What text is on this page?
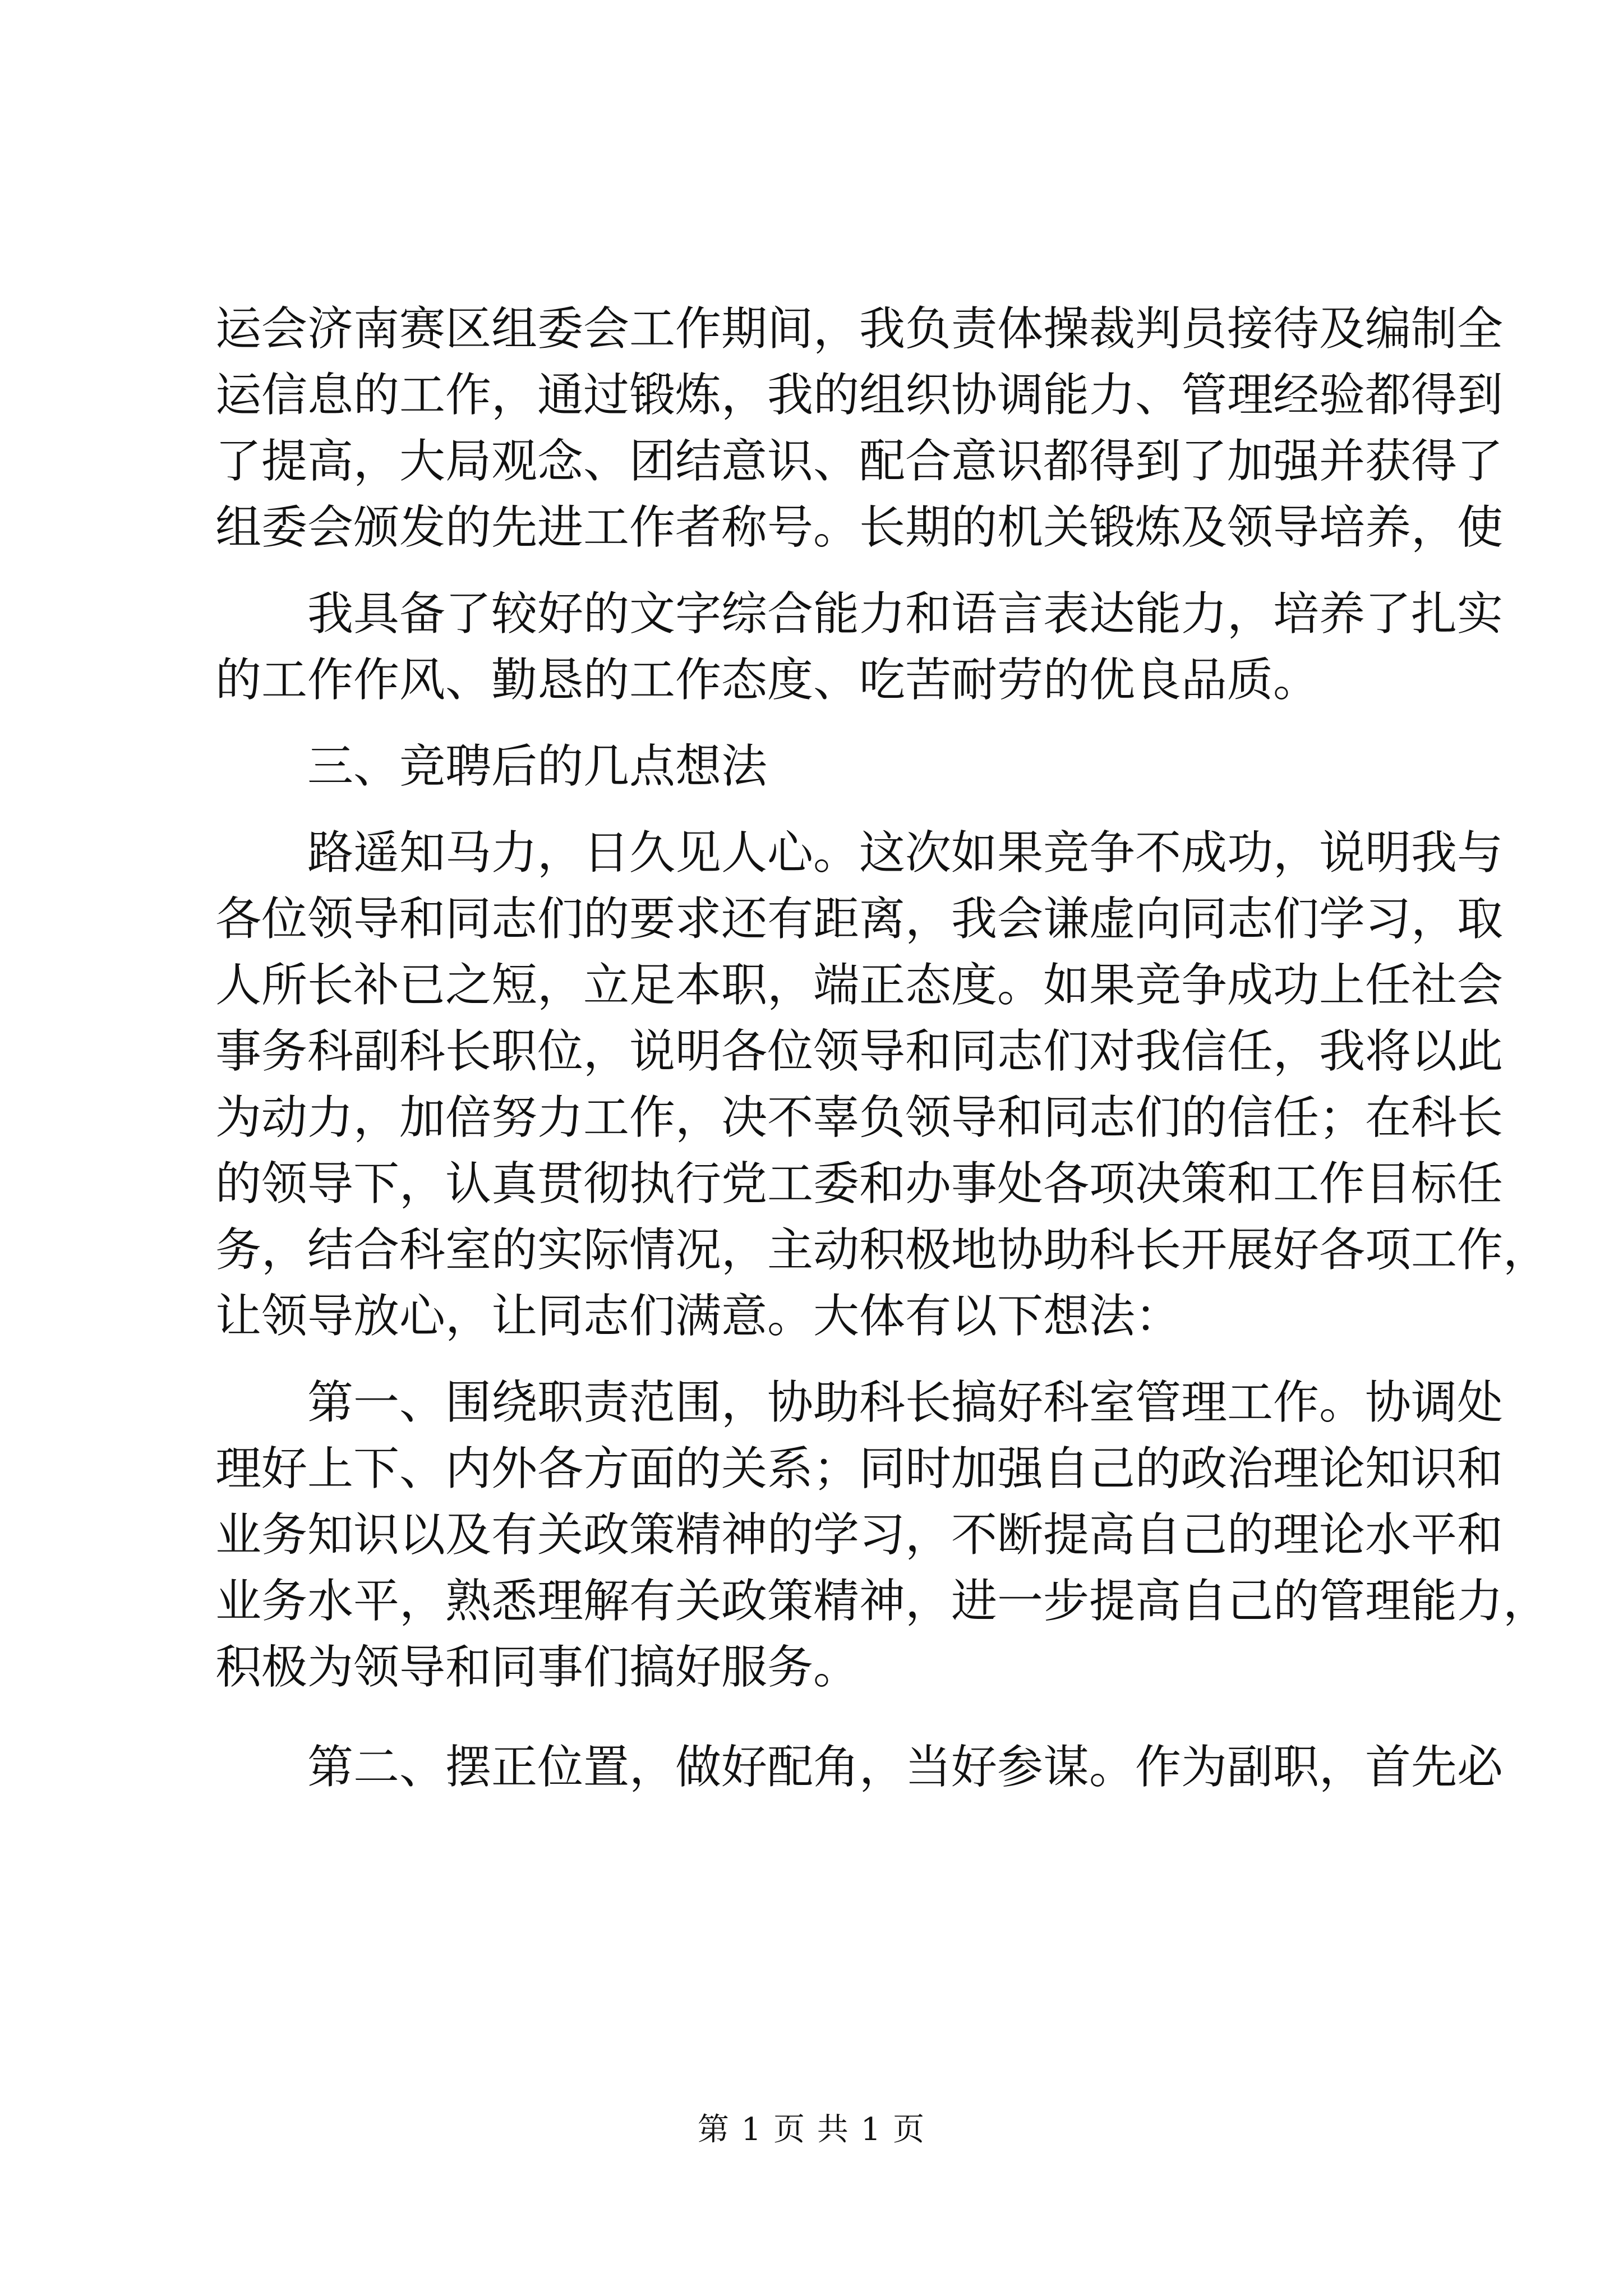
运会济南赛区组委会工作期间，我负责体操裁判员接待及编制全
运信息的工作，通过锻炼，我的组织协调能力、管理经验都得到
了提高，大局观念、团结意识、配合意识都得到了加强并获得了
组委会颁发的先进工作者称号。长期的机关锻炼及领导培养，使
我具备了较好的文字综合能力和语言表达能力，培养了扎实
的工作作风、勤恳的工作态度、吃苦耐劳的优良品质。
三、竞聘后的几点想法
路遥知马力，日久见人心。这次如果竞争不成功，说明我与
各位领导和同志们的要求还有距离，我会谦虚向同志们学习，取
人所长补已之短，立足本职，端正态度。如果竞争成功上任社会
事务科副科长职位，说明各位领导和同志们对我信任，我将以此
为动力，加倍努力工作，决不辜负领导和同志们的信任；在科长
的领导下，认真贯彻执行党工委和办事处各项决策和工作目标任
务，结合科室的实际情况，主动积极地协助科长开展好各项工作，
让领导放心，让同志们满意。大体有以下想法：
第一、围绕职责范围，协助科长搞好科室管理工作。协调处
理好上下、内外各方面的关系；同时加强自己的政治理论知识和
业务知识以及有关政策精神的学习，不断提高自己的理论水平和
业务水平，熟悉理解有关政策精神，进一步提高自己的管理能力，
积极为领导和同事们搞好服务。
第二、摆正位置，做好配角，当好参谋。作为副职，首先必
第 1 页 共 1 页
